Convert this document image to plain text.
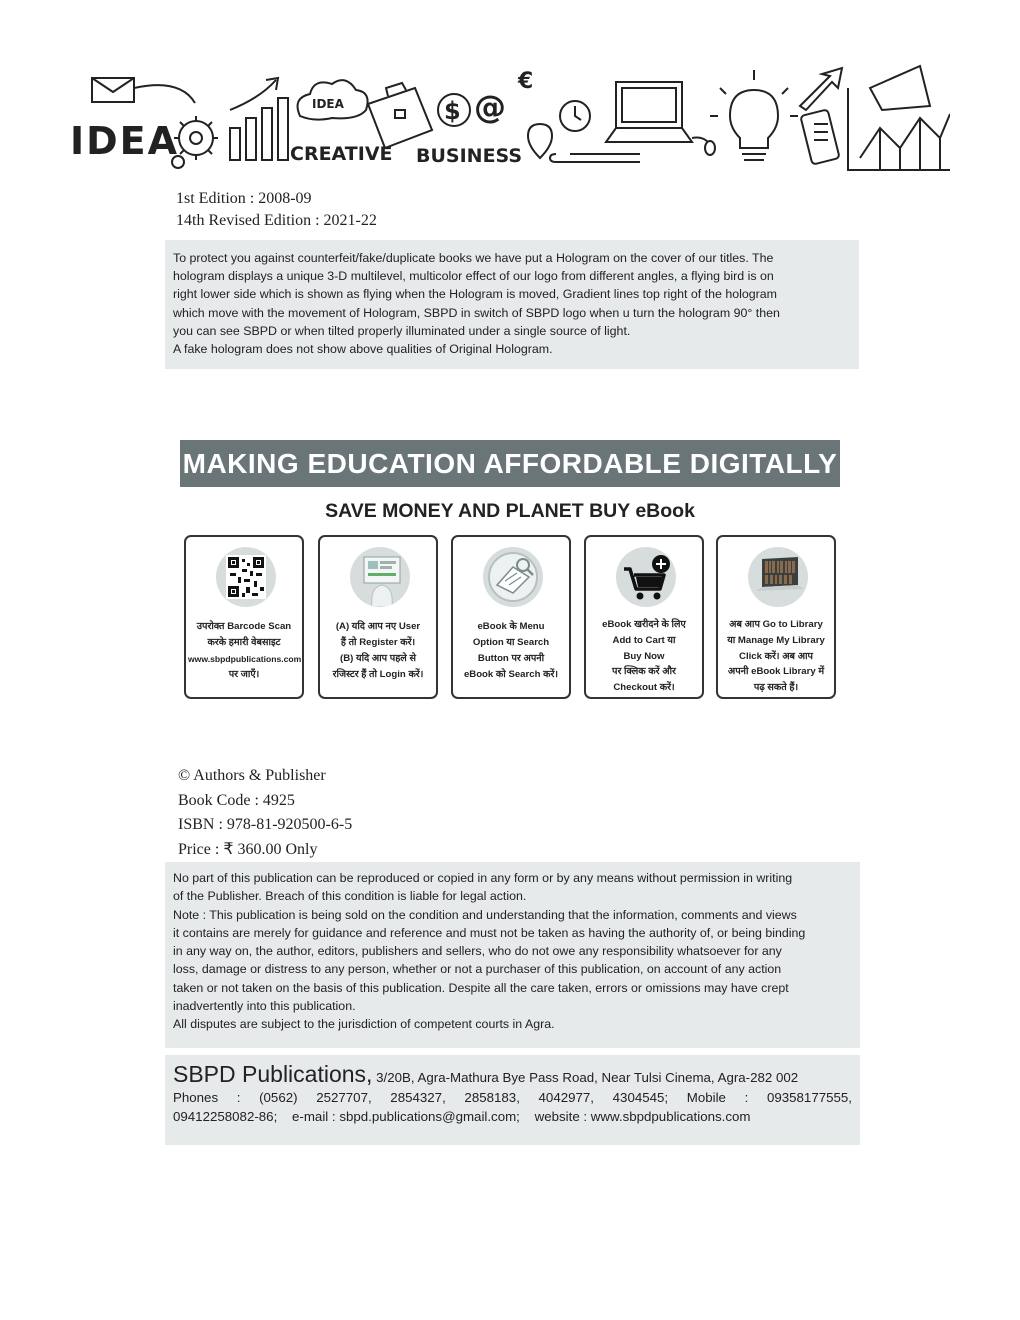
IDEA
IDEA
CREATIVE BUSINESS
$ @
€
1st Edition : 2008-09
14th Revised Edition : 2021-22

To protect you against counterfeit/fake/duplicate books we have put a Hologram on the cover of our titles. The

hologram displays a unique 3-D multilevel, multicolor effect of our logo from different angles, a flying bird is on

right lower side which is shown as flying when the Hologram is moved, Gradient lines top right of the hologram

which move with the movement of Hologram, SBPD in switch of SBPD logo when u turn the hologram 90° then

you can see SBPD or when tilted properly illuminated under a single source of light.

A fake hologram does not show above qualities of Original Hologram.

MAKING EDUCATION AFFORDABLE DIGITALLY
SAVE MONEY AND PLANET BUY eBook
उपरोक्त Barcode Scan
करके हमारी वेबसाइट
www.sbpdpublications.com
पर जाएँ।
(A) यदि आप नए User
हैं तो Register करें।
(B) यदि आप पहले से
रजिस्टर हैं तो Login करें।
eBook के Menu
Option या Search
Button पर अपनी
eBook को Search करें।
eBook खरीदने के लिए
Add to Cart या
Buy Now
पर क्लिक करें और
Checkout करें।
अब आप Go to Library
या Manage My Library
Click करें। अब आप
अपनी eBook Library में
पढ़ सकते हैं।
© Authors & Publisher
Book Code : 4925
ISBN : 978-81-920500-6-5
Price : ₹ 360.00 Only

No part of this publication can be reproduced or copied in any form or by any means without permission in writing

of the Publisher. Breach of this condition is liable for legal action.

Note : This publication is being sold on the condition and understanding that the information, comments and views

it contains are merely for guidance and reference and must not be taken as having the authority of, or being binding

in any way on, the author, editors, publishers and sellers, who do not owe any responsibility whatsoever for any

loss, damage or distress to any person, whether or not a purchaser of this publication, on account of any action

taken or not taken on the basis of this publication. Despite all the care taken, errors or omissions may have crept

inadvertently into this publication.

All disputes are subject to the jurisdiction of competent courts in Agra.

SBPD Publications, 3/20B, Agra-Mathura Bye Pass Road, Near Tulsi Cinema, Agra-282 002
Phones : (0562) 2527707, 2854327, 2858183, 4042977, 4304545; Mobile : 09358177555,
09412258082-86;    e-mail : sbpd.publications@gmail.com;    website : www.sbpdpublications.com
